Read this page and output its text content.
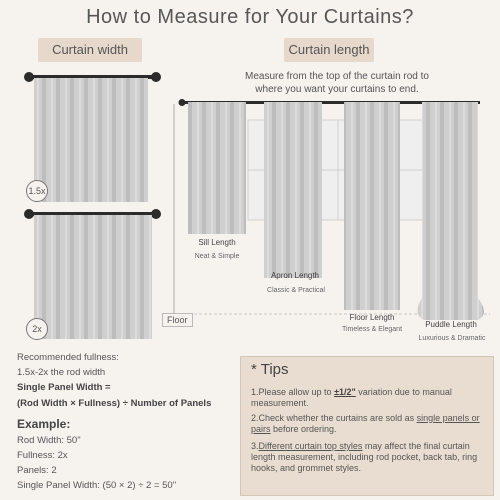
How to Measure for Your Curtains?
Curtain width	Curtain length
Measure from the top of the curtain rod to where you want your curtains to end.
1.5x
2x
Floor
Sill Length
Neat & Simple
Apron Length
Classic & Practical
Floor Length
Timeless & Elegant
Puddle Length
Luxurious & Dramatic
Recommended fullness:
1.5x-2x the rod width
Single Panel Width =
(Rod Width × Fullness) ÷ Number of Panels
Example:
Rod Width: 50"
Fullness: 2x
Panels: 2
Single Panel Width: (50 × 2) ÷ 2 = 50"
* Tips
1.Please allow up to ±1/2" variation due to manual measurement.
2.Check whether the curtains are sold as single panels or pairs before ordering.
3.Different curtain top styles may affect the final curtain length measurement, including rod pocket, back tab, ring hooks, and grommet styles.
